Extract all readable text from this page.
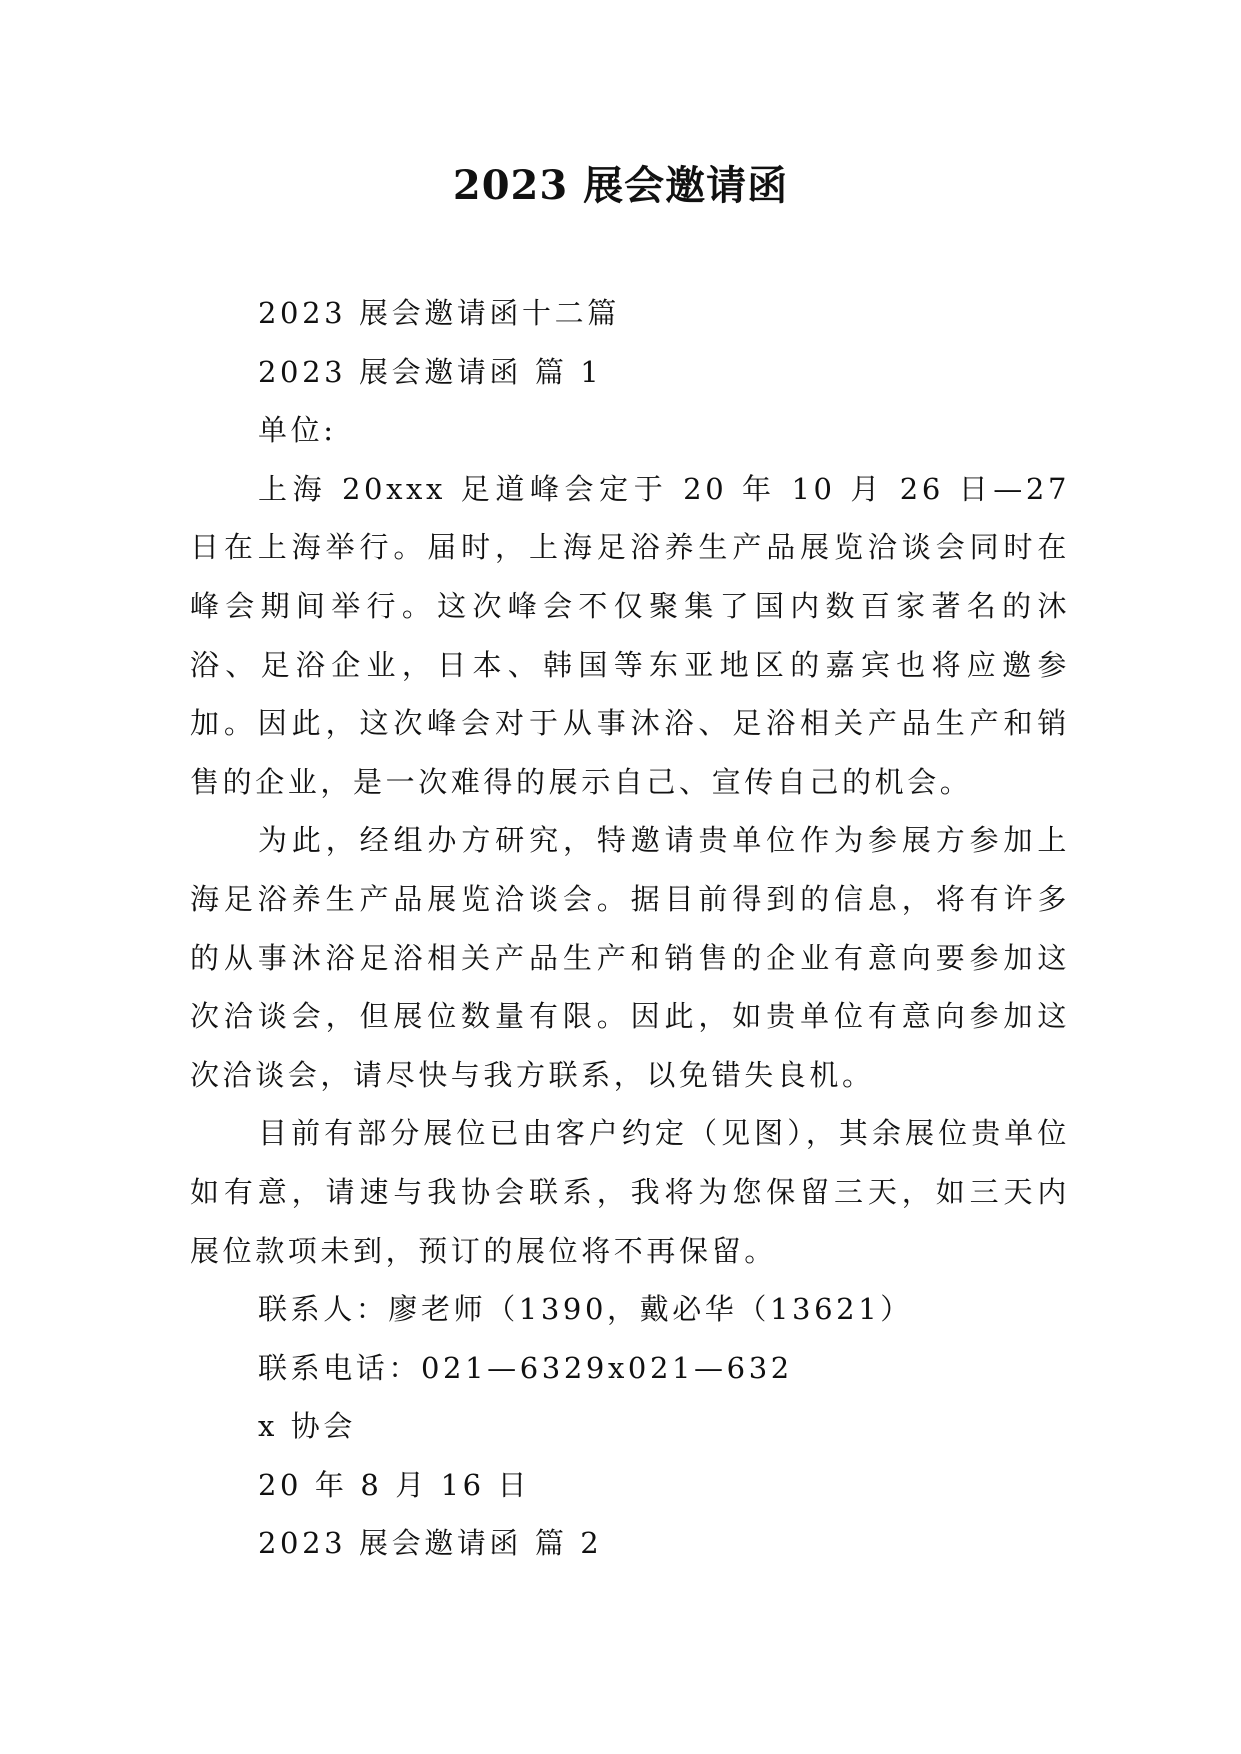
2023 展会邀请函

2023 展会邀请函十二篇

2023 展会邀请函 篇 1

单位:

上海 20xxx 足道峰会定于 20 年 10 月 26 日—27 日在上海举行。届时，上海足浴养生产品展览洽谈会同时在峰会期间举行。这次峰会不仅聚集了国内数百家著名的沐浴、足浴企业，日本、韩国等东亚地区的嘉宾也将应邀参加。因此，这次峰会对于从事沐浴、足浴相关产品生产和销售的企业，是一次难得的展示自己、宣传自己的机会。

为此，经组办方研究，特邀请贵单位作为参展方参加上海足浴养生产品展览洽谈会。据目前得到的信息，将有许多的从事沐浴足浴相关产品生产和销售的企业有意向要参加这次洽谈会，但展位数量有限。因此，如贵单位有意向参加这次洽谈会，请尽快与我方联系，以免错失良机。

目前有部分展位已由客户约定（见图），其余展位贵单位如有意，请速与我协会联系，我将为您保留三天，如三天内展位款项未到，预订的展位将不再保留。

联系人：廖老师（1390，戴必华（13621）

联系电话：021—6329x021—632

x 协会

20 年 8 月 16 日

2023 展会邀请函 篇 2
